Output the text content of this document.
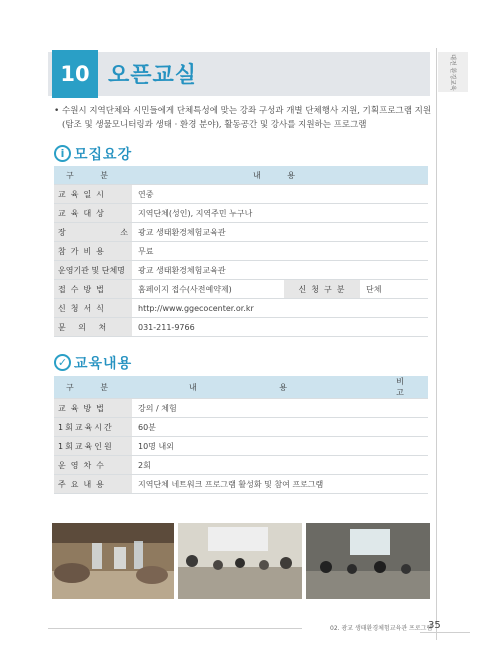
10 오픈교실	대전 환경교육
• 수원시 지역단체와 시민들에게 단체특성에 맞는 강좌 구성과 개별 단체행사 지원, 기획프로그램 지원(탐조 및 생물모니터링과 생태 · 환경 분야), 활동공간 및 강사를 지원하는 프로그램
i 모집요강
구 분	내 용		
교육일시	연중		
교육대상	지역단체(성인), 지역주민 누구나		
장 소	광교 생태환경체험교육관		
참가비용	무료		
운영기관 및 단체명	광교 생태환경체험교육관		
접수방법	홈페이지 접수(사전예약제)	신청구분	단체
신청서식	http://www.ggecocenter.or.kr		
문 의 처	031-211-9766		
✓ 교육내용
구 분	내 용	비 고
교육방법	강의 / 체험	
1회교육시간	60분	
1회교육인원	10명 내외	
운영차수	2회	
주요내용	지역단체 네트워크 프로그램 활성화 및 참여 프로그램	
02. 광교 생태환경체험교육관 프로그램
35
